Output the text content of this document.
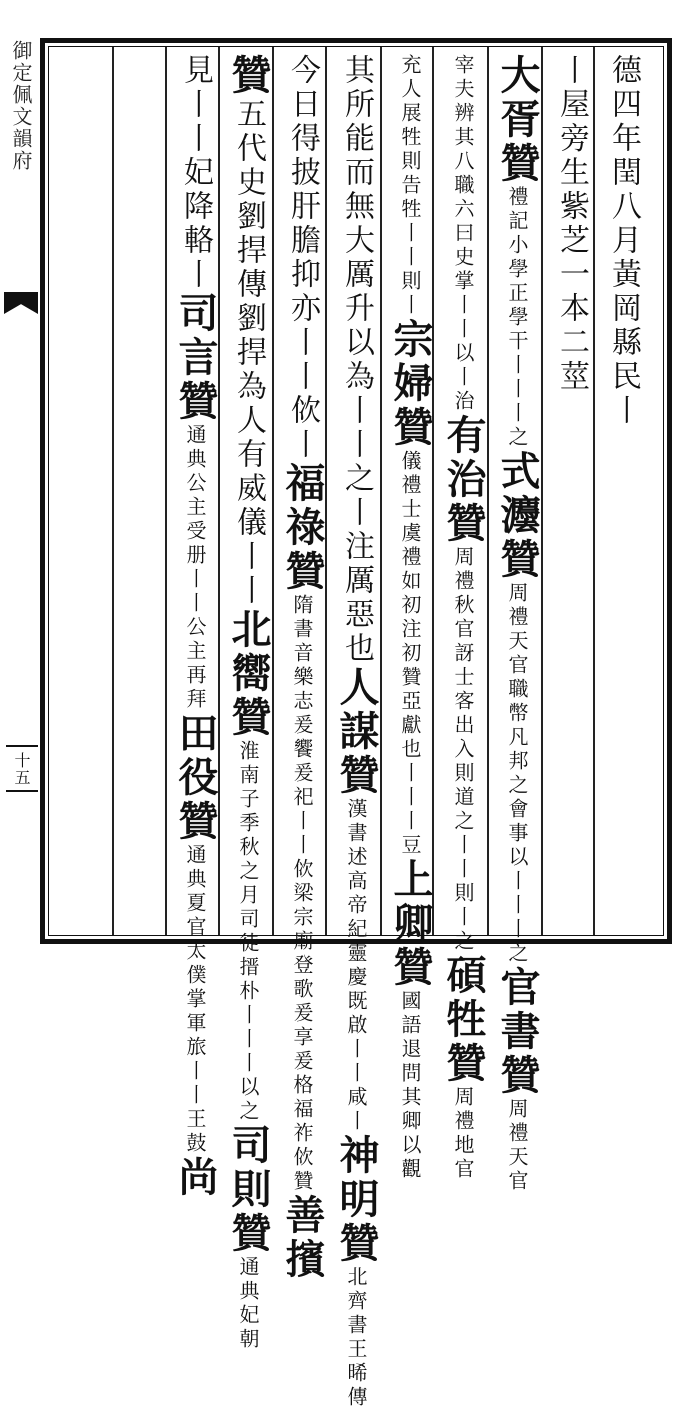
御定佩文韻府
十五
德四年閏八月黃岡縣民丨
丨屋旁生紫芝一本二莖
大胥贊禮記小學正學干丨丨丨之式灋贊周禮天官職幣凡邦之會事以丨丨丨之官書贊周禮天官
宰夫辨其八職六曰史掌丨丨以丨治有治贊周禮秋官訝士客出入則道之丨丨則丨之碩牲贊周禮地官
充人展牲則告牲丨丨則丨宗婦贊儀禮士虞禮如初注初贊亞獻也丨丨丨豆上卿贊國語退問其卿以觀
其所能而無大厲升以為丨丨之丨注厲惡也人謀贊漢書述高帝紀靈慶既啟丨丨咸丨神明贊北齊書王晞傳
今日得披肝膽抑亦丨丨佽丨福祿贊隋書音樂志爰饗爰祀丨丨佽梁宗廟登歌爰享爰格福祚佽贊善擯
贊五代史劉捍傳劉捍為人有威儀丨丨北嚮贊淮南子季秋之月司徒搢朴丨丨丨以之司則贊通典妃朝
見丨丨妃降輅丨司言贊通典公主受册丨丨公主再拜田役贊通典夏官太僕掌軍旅丨丨王鼓尚
